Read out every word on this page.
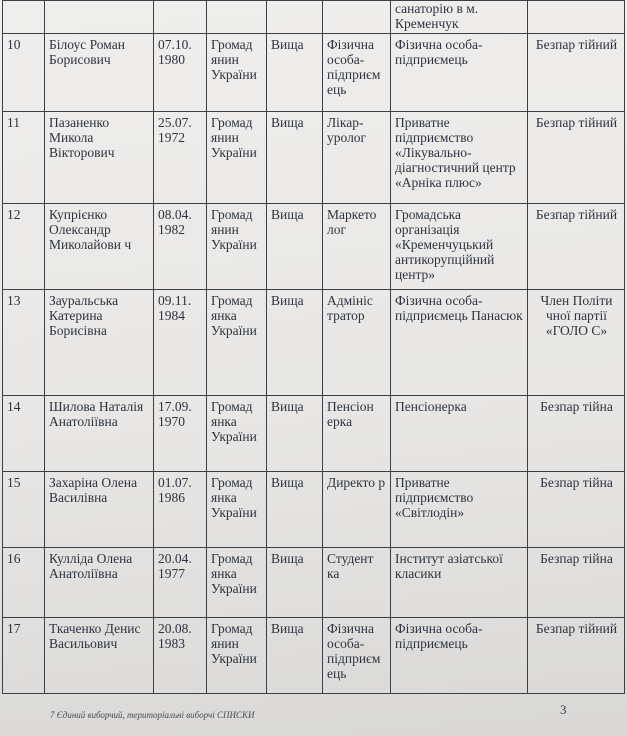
						санаторію в м. Кременчук	
10	Білоус Роман Борисович	07.10. 1980	Громад янин України	Вища	Фізична особа-підприєм ець	Фізична особа-підприємець	Безпар тійний
11	Пазаненко Микола Вікторович	25.07. 1972	Громад янин України	Вища	Лікар-уролог	Приватне підприємство «Лікувально-діагностичний центр «Арніка плюс»	Безпар тійний
12	Купрієнко Олександр Миколайови ч	08.04. 1982	Громад янин України	Вища	Маркето лог	Громадська організація «Кременчуцький антикорупційний центр»	Безпар тійний
13	Зауральська Катерина Борисівна	09.11. 1984	Громад янка України	Вища	Адмініс тратор	Фізична особа-підприємець Панасюк	Член Політи чної партії «ГОЛО С»
14	Шилова Наталія Анатоліївна	17.09. 1970	Громад янка України	Вища	Пенсіон ерка	Пенсіонерка	Безпар тійна
15	Захаріна Олена Василівна	01.07. 1986	Громад янка України	Вища	Директо р	Приватне підприємство «Світлодін»	Безпар тійна
16	Кулліда Олена Анатоліївна	20.04. 1977	Громад янка України	Вища	Студент ка	Інститут азіатської класики	Безпар тійна
17	Ткаченко Денис Васильович	20.08. 1983	Громад янин України	Вища	Фізична особа-підприєм ець	Фізична особа-підприємець	Безпар тійний
7 Єдиний виборчий, територіальні виборчі СПИСКИ	3
